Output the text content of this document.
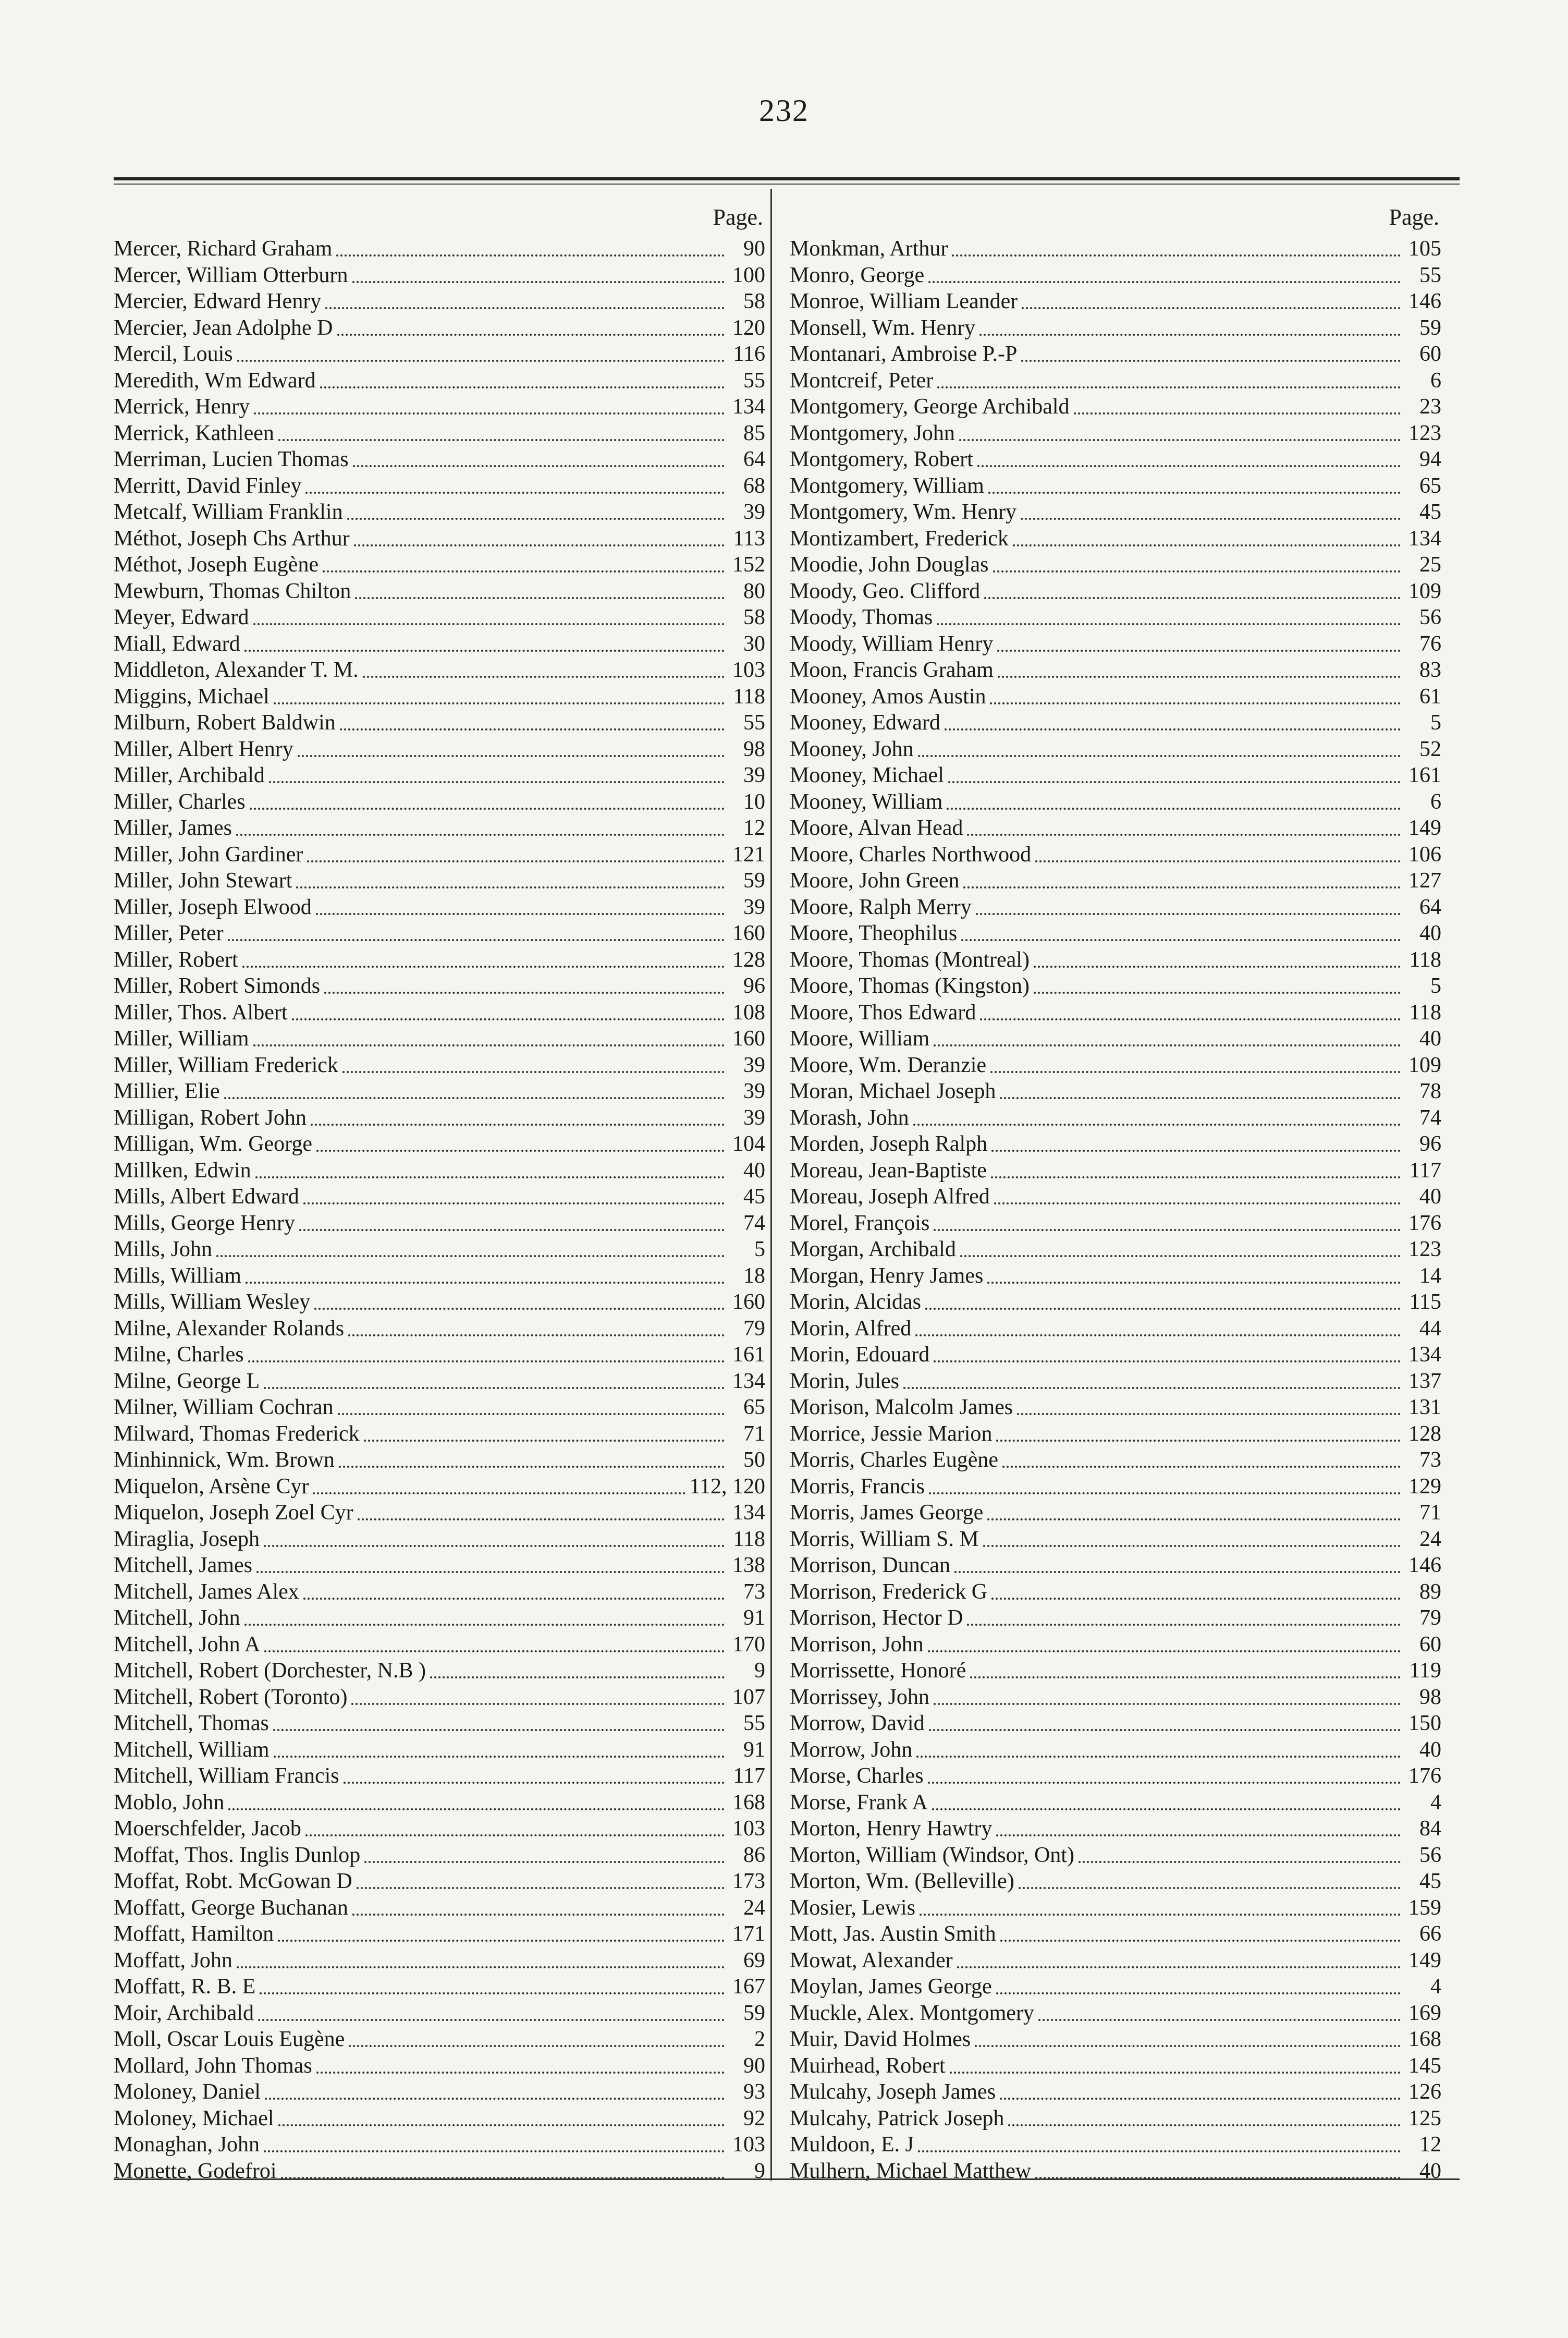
232
Page.
Mercer, Richard Graham	90
Mercer, William Otterburn	100
Mercier, Edward Henry	58
Mercier, Jean Adolphe D	120
Mercil, Louis	116
Meredith, Wm Edward	55
Merrick, Henry	134
Merrick, Kathleen	85
Merriman, Lucien Thomas	64
Merritt, David Finley	68
Metcalf, William Franklin	39
Méthot, Joseph Chs Arthur	113
Méthot, Joseph Eugène	152
Mewburn, Thomas Chilton	80
Meyer, Edward	58
Miall, Edward	30
Middleton, Alexander T. M.	103
Miggins, Michael	118
Milburn, Robert Baldwin	55
Miller, Albert Henry	98
Miller, Archibald	39
Miller, Charles	10
Miller, James	12
Miller, John Gardiner	121
Miller, John Stewart	59
Miller, Joseph Elwood	39
Miller, Peter	160
Miller, Robert	128
Miller, Robert Simonds	96
Miller, Thos. Albert	108
Miller, William	160
Miller, William Frederick	39
Millier, Elie	39
Milligan, Robert John	39
Milligan, Wm. George	104
Millken, Edwin	40
Mills, Albert Edward	45
Mills, George Henry	74
Mills, John	5
Mills, William	18
Mills, William Wesley	160
Milne, Alexander Rolands	79
Milne, Charles	161
Milne, George L	134
Milner, William Cochran	65
Milward, Thomas Frederick	71
Minhinnick, Wm. Brown	50
Miquelon, Arsène Cyr	112, 120
Miquelon, Joseph Zoel Cyr	134
Miraglia, Joseph	118
Mitchell, James	138
Mitchell, James Alex	73
Mitchell, John	91
Mitchell, John A	170
Mitchell, Robert (Dorchester, N.B )	9
Mitchell, Robert (Toronto)	107
Mitchell, Thomas	55
Mitchell, William	91
Mitchell, William Francis	117
Moblo, John	168
Moerschfelder, Jacob	103
Moffat, Thos. Inglis Dunlop	86
Moffat, Robt. McGowan D	173
Moffatt, George Buchanan	24
Moffatt, Hamilton	171
Moffatt, John	69
Moffatt, R. B. E	167
Moir, Archibald	59
Moll, Oscar Louis Eugène	2
Mollard, John Thomas	90
Moloney, Daniel	93
Moloney, Michael	92
Monaghan, John	103
Monette, Godefroi	9
Page.
Monkman, Arthur	105
Monro, George	55
Monroe, William Leander	146
Monsell, Wm. Henry	59
Montanari, Ambroise P.-P	60
Montcreif, Peter	6
Montgomery, George Archibald	23
Montgomery, John	123
Montgomery, Robert	94
Montgomery, William	65
Montgomery, Wm. Henry	45
Montizambert, Frederick	134
Moodie, John Douglas	25
Moody, Geo. Clifford	109
Moody, Thomas	56
Moody, William Henry	76
Moon, Francis Graham	83
Mooney, Amos Austin	61
Mooney, Edward	5
Mooney, John	52
Mooney, Michael	161
Mooney, William	6
Moore, Alvan Head	149
Moore, Charles Northwood	106
Moore, John Green	127
Moore, Ralph Merry	64
Moore, Theophilus	40
Moore, Thomas (Montreal)	118
Moore, Thomas (Kingston)	5
Moore, Thos Edward	118
Moore, William	40
Moore, Wm. Deranzie	109
Moran, Michael Joseph	78
Morash, John	74
Morden, Joseph Ralph	96
Moreau, Jean-Baptiste	117
Moreau, Joseph Alfred	40
Morel, François	176
Morgan, Archibald	123
Morgan, Henry James	14
Morin, Alcidas	115
Morin, Alfred	44
Morin, Edouard	134
Morin, Jules	137
Morison, Malcolm James	131
Morrice, Jessie Marion	128
Morris, Charles Eugène	73
Morris, Francis	129
Morris, James George	71
Morris, William S. M	24
Morrison, Duncan	146
Morrison, Frederick G	89
Morrison, Hector D	79
Morrison, John	60
Morrissette, Honoré	119
Morrissey, John	98
Morrow, David	150
Morrow, John	40
Morse, Charles	176
Morse, Frank A	4
Morton, Henry Hawtry	84
Morton, William (Windsor, Ont)	56
Morton, Wm. (Belleville)	45
Mosier, Lewis	159
Mott, Jas. Austin Smith	66
Mowat, Alexander	149
Moylan, James George	4
Muckle, Alex. Montgomery	169
Muir, David Holmes	168
Muirhead, Robert	145
Mulcahy, Joseph James	126
Mulcahy, Patrick Joseph	125
Muldoon, E. J	12
Mulhern, Michael Matthew	40
